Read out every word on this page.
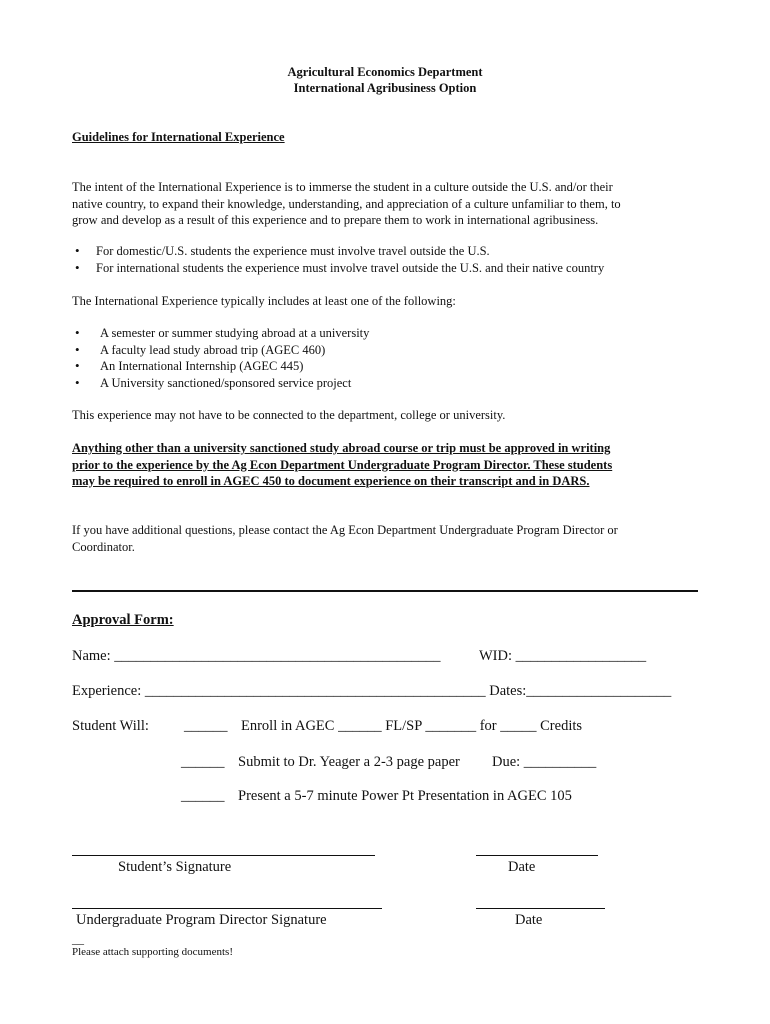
Agricultural Economics Department
International Agribusiness Option
Guidelines for International Experience
The intent of the International Experience is to immerse the student in a culture outside the U.S. and/or their
native country, to expand their knowledge, understanding, and appreciation of a culture unfamiliar to them, to
grow and develop as a result of this experience and to prepare them to work in international agribusiness.
• For domestic/U.S. students the experience must involve travel outside the U.S.
• For international students the experience must involve travel outside the U.S. and their native country
The International Experience typically includes at least one of the following:
• A semester or summer studying abroad at a university
• A faculty lead study abroad trip (AGEC 460)
• An International Internship (AGEC 445)
• A University sanctioned/sponsored service project
This experience may not have to be connected to the department, college or university.
Anything other than a university sanctioned study abroad course or trip must be approved in writing
prior to the experience by the Ag Econ Department Undergraduate Program Director. These students
may be required to enroll in AGEC 450 to document experience on their transcript and in DARS.
If you have additional questions, please contact the Ag Econ Department Undergraduate Program Director or
Coordinator.
Approval Form:
Name: _____________________________________________	WID: __________________
Experience: _______________________________________________ Dates:____________________
Student Will: ______ Enroll in AGEC ______ FL/SP _______ for _____ Credits
______ Submit to Dr. Yeager a 2-3 page paper Due: __________
______ Present a 5-7 minute Power Pt Presentation in AGEC 105
Student’s Signature	Date
Undergraduate Program Director Signature	Date
__
Please attach supporting documents!
